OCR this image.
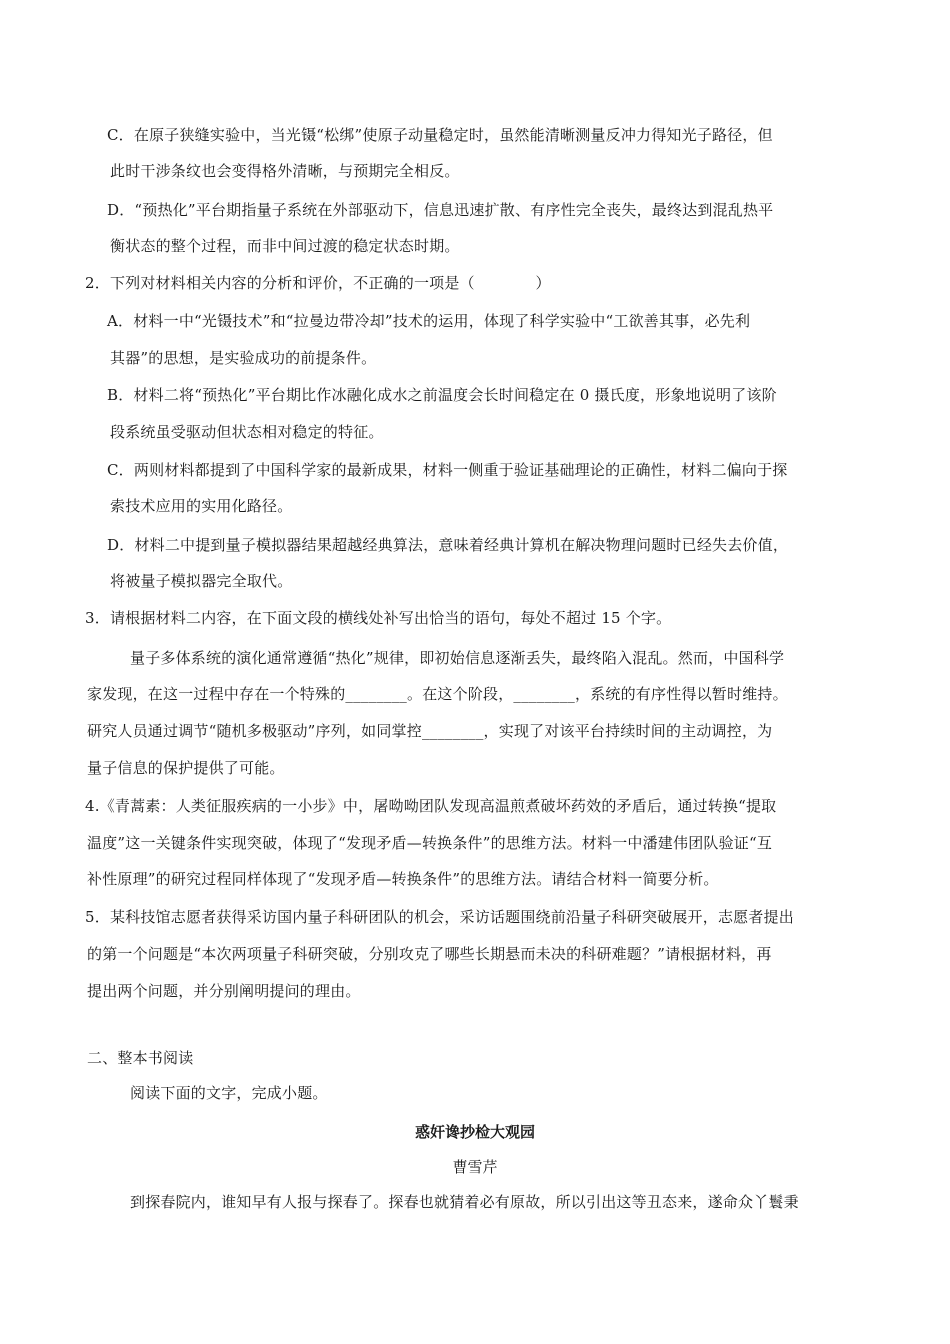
C．在原子狭缝实验中，当光镊“松绑”使原子动量稳定时，虽然能清晰测量反冲力得知光子路径，但
此时干涉条纹也会变得格外清晰，与预期完全相反。
D．“预热化”平台期指量子系统在外部驱动下，信息迅速扩散、有序性完全丧失，最终达到混乱热平
衡状态的整个过程，而非中间过渡的稳定状态时期。
2．下列对材料相关内容的分析和评价，不正确的一项是（　　　　）
A．材料一中“光镊技术”和“拉曼边带冷却”技术的运用，体现了科学实验中“工欲善其事，必先利
其器”的思想，是实验成功的前提条件。
B．材料二将“预热化”平台期比作冰融化成水之前温度会长时间稳定在 0 摄氏度，形象地说明了该阶
段系统虽受驱动但状态相对稳定的特征。
C．两则材料都提到了中国科学家的最新成果，材料一侧重于验证基础理论的正确性，材料二偏向于探
索技术应用的实用化路径。
D．材料二中提到量子模拟器结果超越经典算法，意味着经典计算机在解决物理问题时已经失去价值，
将被量子模拟器完全取代。
3．请根据材料二内容，在下面文段的横线处补写出恰当的语句，每处不超过 15 个字。
量子多体系统的演化通常遵循“热化”规律，即初始信息逐渐丢失，最终陷入混乱。然而，中国科学
家发现，在这一过程中存在一个特殊的________。在这个阶段，________，系统的有序性得以暂时维持。
研究人员通过调节“随机多极驱动”序列，如同掌控________，实现了对该平台持续时间的主动调控，为
量子信息的保护提供了可能。
4.《青蒿素：人类征服疾病的一小步》中，屠呦呦团队发现高温煎煮破坏药效的矛盾后，通过转换“提取
温度”这一关键条件实现突破，体现了“发现矛盾—转换条件”的思维方法。材料一中潘建伟团队验证“互
补性原理”的研究过程同样体现了“发现矛盾—转换条件”的思维方法。请结合材料一简要分析。
5．某科技馆志愿者获得采访国内量子科研团队的机会，采访话题围绕前沿量子科研突破展开，志愿者提出
的第一个问题是“本次两项量子科研突破，分别攻克了哪些长期悬而未决的科研难题？”请根据材料，再
提出两个问题，并分别阐明提问的理由。
二、整本书阅读
阅读下面的文字，完成小题。
惑奸谗抄检大观园
曹雪芹
到探春院内，谁知早有人报与探春了。探春也就猜着必有原故，所以引出这等丑态来，遂命众丫鬟秉
